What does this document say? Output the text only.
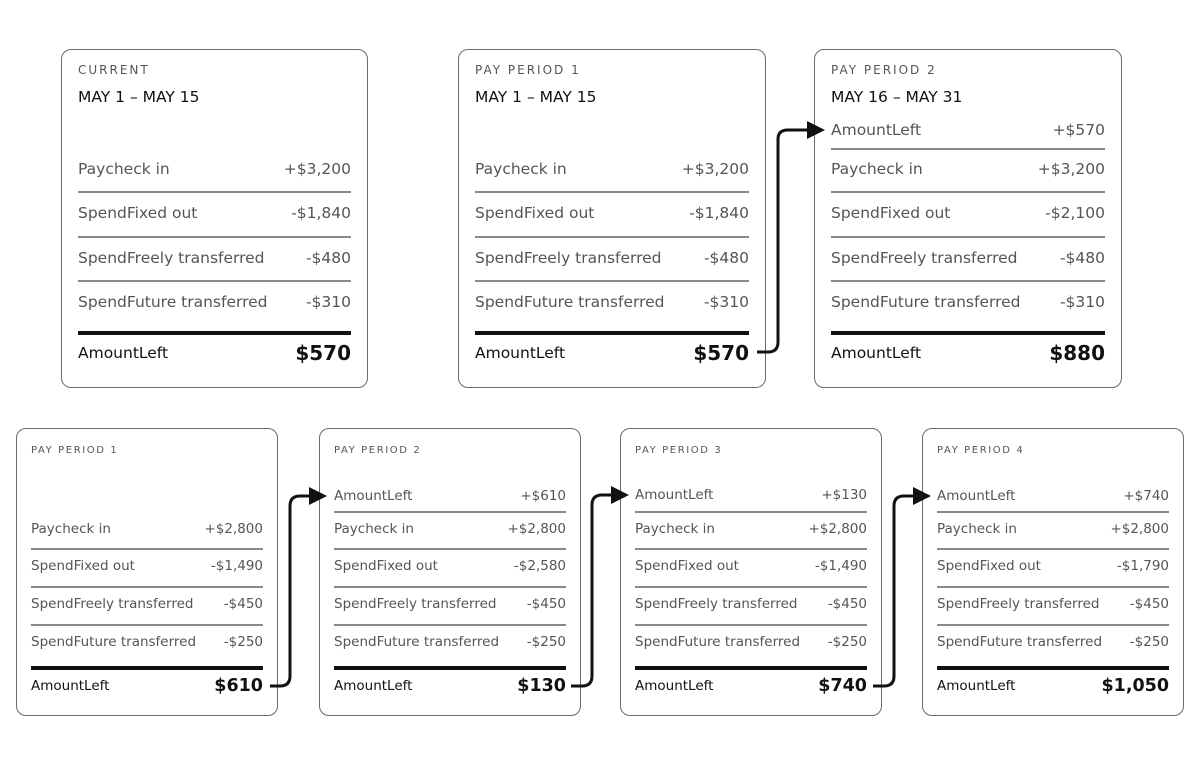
CURRENT
MAY 1 – MAY 15
Paycheck in	+$3,200
SpendFixed out	-$1,840
SpendFreely transferred	-$480
SpendFuture transferred -$310
AmountLeft	$570
PAY PERIOD 1
MAY 1 – MAY 15
Paycheck in	+$3,200
SpendFixed out	-$1,840
SpendFreely transferred	-$480
SpendFuture transferred	-$310
AmountLeft	$570
PAY PERIOD 2
MAY 16 – MAY 31
AmountLeft	+$570
Paycheck in	+$3,200
SpendFixed out	-$2,100
SpendFreely transferred	-$480
SpendFuture transferred	-$310
AmountLeft	$880
PAY PERIOD 1
Paycheck in	+$2,800
SpendFixed out	-$1,490
SpendFreely transferred -$450
SpendFuture transferred -$250
AmountLeft	$610
PAY PERIOD 2
AmountLeft	+$610
Paycheck in	+$2,800
SpendFixed out	-$2,580
SpendFreely transferred -$450
SpendFuture transferred -$250
AmountLeft	$130
PAY PERIOD 3
AmountLeft	+$130
Paycheck in	+$2,800
SpendFixed out	-$1,490
SpendFreely transferred -$450
SpendFuture transferred -$250
AmountLeft	$740
PAY PERIOD 4
AmountLeft	+$740
Paycheck in	+$2,800
SpendFixed out	-$1,790
SpendFreely transferred -$450
SpendFuture transferred -$250
AmountLeft	$1,050
